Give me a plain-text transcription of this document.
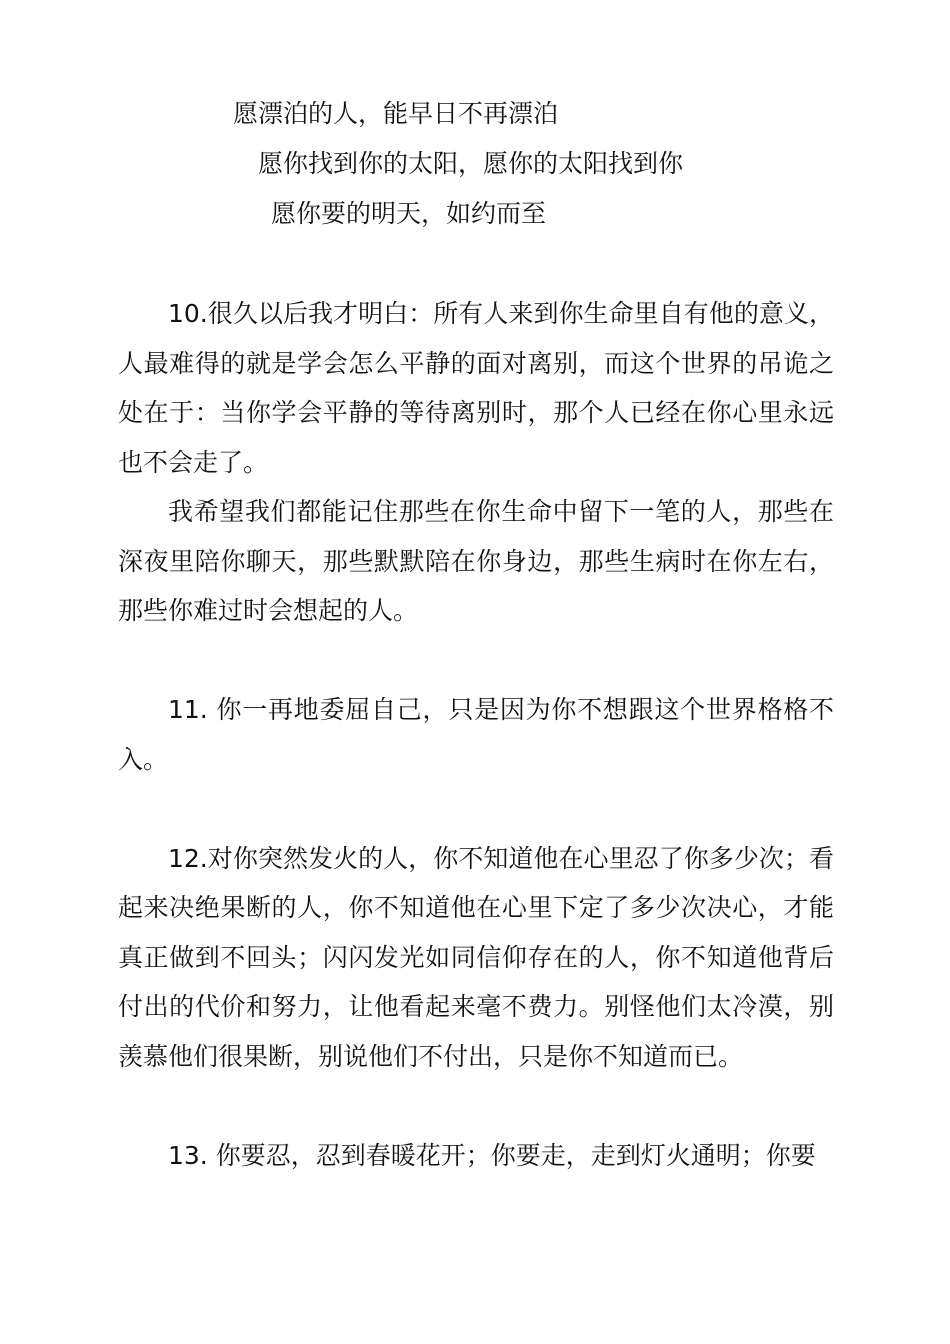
愿漂泊的人，能早日不再漂泊
愿你找到你的太阳，愿你的太阳找到你
愿你要的明天，如约而至

10.很久以后我才明白：所有人来到你生命里自有他的意义，人最难得的就是学会怎么平静的面对离别，而这个世界的吊诡之处在于：当你学会平静的等待离别时，那个人已经在你心里永远也不会走了。

我希望我们都能记住那些在你生命中留下一笔的人，那些在深夜里陪你聊天，那些默默陪在你身边，那些生病时在你左右，那些你难过时会想起的人。

11. 你一再地委屈自己，只是因为你不想跟这个世界格格不入。

12.对你突然发火的人，你不知道他在心里忍了你多少次；看起来决绝果断的人，你不知道他在心里下定了多少次决心，才能真正做到不回头；闪闪发光如同信仰存在的人，你不知道他背后付出的代价和努力，让他看起来毫不费力。别怪他们太冷漠，别羡慕他们很果断，别说他们不付出，只是你不知道而已。

13. 你要忍，忍到春暖花开；你要走，走到灯火通明；你要
